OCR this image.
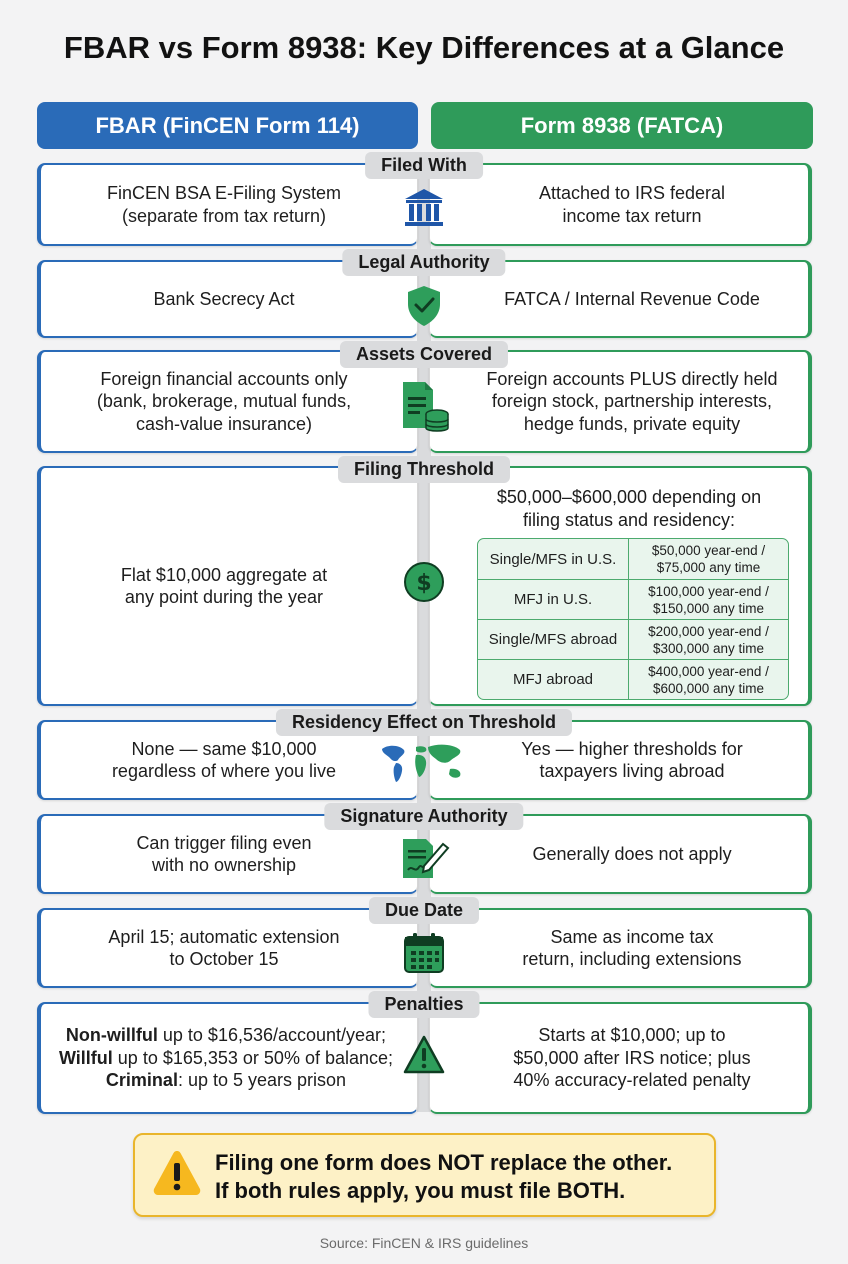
FBAR vs Form 8938: Key Differences at a Glance
FBAR (FinCEN Form 114)	Form 8938 (FATCA)
FinCEN BSA E-Filing System (separate from tax return)
Attached to IRS federal income tax return
Filed With
Bank Secrecy Act	FATCA / Internal Revenue Code
Legal Authority
Foreign financial accounts only (bank, brokerage, mutual funds, cash-value insurance)
Foreign accounts PLUS directly held foreign stock, partnership interests, hedge funds, private equity
Assets Covered
Flat $10,000 aggregate at any point during the year
$50,000–$600,000 depending on filing status and residency:
Single/MFS in U.S.	$50,000 year-end /
$75,000 any time
MFJ in U.S.	$100,000 year-end /
$150,000 any time
Single/MFS abroad	$200,000 year-end /
$300,000 any time
MFJ abroad	$400,000 year-end /
$600,000 any time
Filing Threshold
$
None — same $10,000 regardless of where you live
Yes — higher thresholds for taxpayers living abroad
Residency Effect on Threshold
Can trigger filing even with no ownership
Generally does not apply
Signature Authority
April 15; automatic extension to October 15
Same as income tax return, including extensions
Due Date
Non-willful up to $16,536/account/year;
Willful up to $165,353 or 50% of balance;
Criminal: up to 5 years prison
Starts at $10,000; up to $50,000 after IRS notice; plus 40% accuracy-related penalty
Penalties
Filing one form does NOT replace the other.
If both rules apply, you must file BOTH.
Source: FinCEN & IRS guidelines
